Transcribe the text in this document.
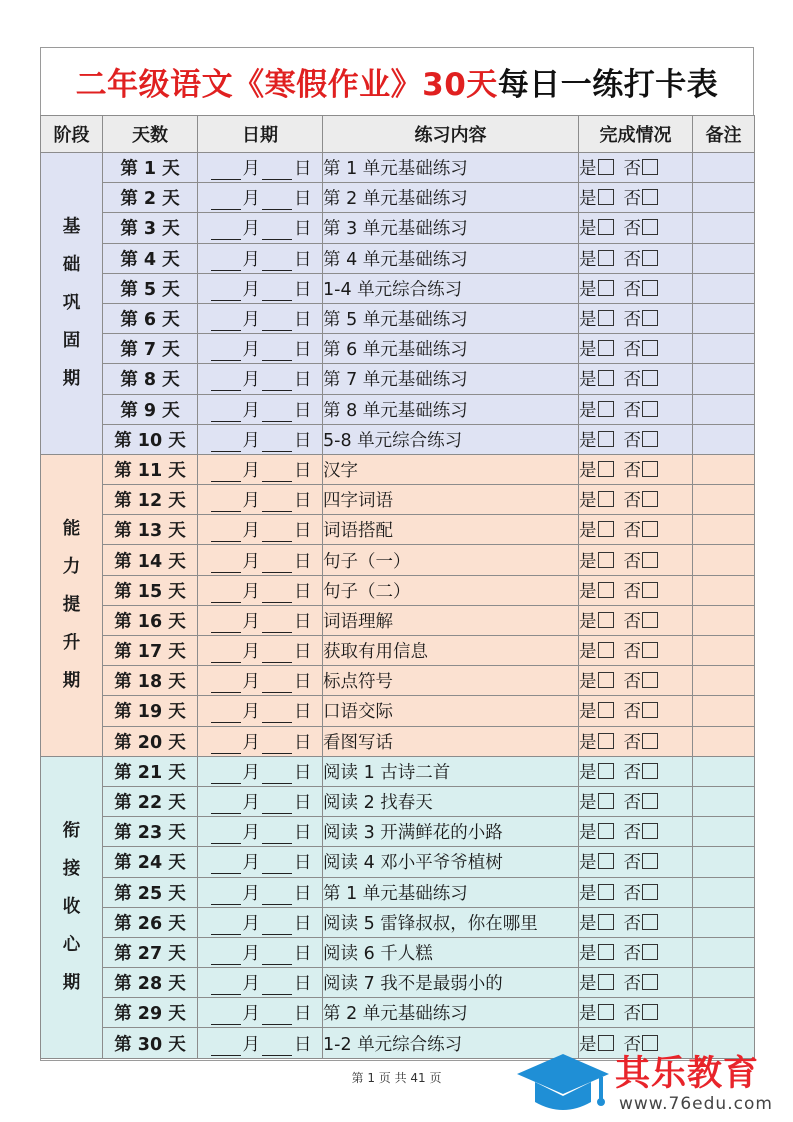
二年级语文《寒假作业》30天 每日一练打卡表
阶段	天数	日期	练习内容	完成情况	备注

基
础
巩
固
期	第 1 天	月 日	第 1 单元基础练习	是 否	
	第 2 天	月 日	第 2 单元基础练习	是 否	
	第 3 天	月 日	第 3 单元基础练习	是 否	
	第 4 天	月 日	第 4 单元基础练习	是 否	
	第 5 天	月 日	1-4 单元综合练习	是 否	
	第 6 天	月 日	第 5 单元基础练习	是 否	
	第 7 天	月 日	第 6 单元基础练习	是 否	
	第 8 天	月 日	第 7 单元基础练习	是 否	
	第 9 天	月 日	第 8 单元基础练习	是 否	
	第 10 天	月 日	5-8 单元综合练习	是 否	

能
力
提
升
期	第 11 天	月 日	汉字	是 否	
	第 12 天	月 日	四字词语	是 否	
	第 13 天	月 日	词语搭配	是 否	
	第 14 天	月 日	句子（一）	是 否	
	第 15 天	月 日	句子（二）	是 否	
	第 16 天	月 日	词语理解	是 否	
	第 17 天	月 日	获取有用信息	是 否	
	第 18 天	月 日	标点符号	是 否	
	第 19 天	月 日	口语交际	是 否	
	第 20 天	月 日	看图写话	是 否	

衔
接
收
心
期	第 21 天	月 日	阅读 1 古诗二首	是 否	
	第 22 天	月 日	阅读 2 找春天	是 否	
	第 23 天	月 日	阅读 3 开满鲜花的小路	是 否	
	第 24 天	月 日	阅读 4 邓小平爷爷植树	是 否	
	第 25 天	月 日	第 1 单元基础练习	是 否	
	第 26 天	月 日	阅读 5 雷锋叔叔，你在哪里	是 否	
	第 27 天	月 日	阅读 6 千人糕	是 否	
	第 28 天	月 日	阅读 7 我不是最弱小的	是 否	
	第 29 天	月 日	第 2 单元基础练习	是 否	
	第 30 天	月 日	1-2 单元综合练习	是 否	
第 1 页 共 41 页	其乐教育
www.76edu.com
